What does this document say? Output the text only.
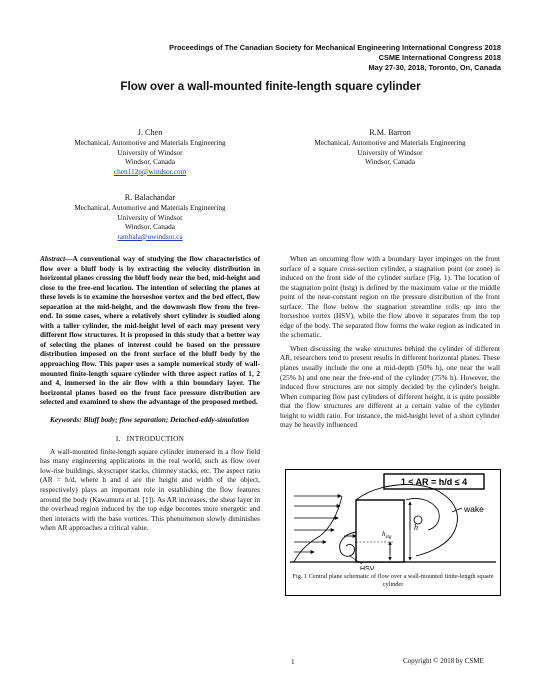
Proceedings of The Canadian Society for Mechanical Engineering International Congress 2018
CSME International Congress 2018
May 27-30, 2018, Toronto, On, Canada
Flow over a wall-mounted finite-length square cylinder
J. Chen
Mechanical, Automotive and Materials Engineering
University of Windsor
Windsor, Canada
chen112p@windsor.com
R.M. Barron
Mechanical, Automotive and Materials Engineering
University of Windsor
Windsor, Canada
R. Balachandar
Mechanical, Automotive and Materials Engineering
University of Windsor
Windsor, Canada
rambala@uwindsor.ca

Abstract—A conventional way of studying the flow characteristics of flow over a bluff body is by extracting the velocity distribution in horizontal planes crossing the bluff body near the bed, mid-height and close to the free-end location. The intention of selecting the planes at these levels is to examine the horseshoe vortex and the bed effect, flow separation at the mid-height, and the downwash flow from the free-end. In some cases, where a relatively short cylinder is studied along with a taller cylinder, the mid-height level of each may present very different flow structures. It is proposed in this study that a better way of selecting the planes of interest could be based on the pressure distribution imposed on the front surface of the bluff body by the approaching flow. This paper uses a sample numerical study of wall-mounted finite-length square cylinder with three aspect ratios of 1, 2 and 4, immersed in the air flow with a thin boundary layer. The horizontal planes based on the front face pressure distribution are selected and examined to show the advantage of the proposed method.

Keywords: Bluff body; flow separation; Detached-eddy-simulation

I. INTRODUCTION

A wall-mounted finite-length square cylinder immersed in a flow field has many engineering applications in the real world, such as flow over low-rise buildings, skyscraper stacks, chimney stacks, etc. The aspect ratio (AR = h/d, where h and d are the height and width of the object, respectively) plays an important role in establishing the flow features around the body (Kawamura et al. [1]). As AR increases, the shear layer in the overhead region induced by the top edge becomes more energetic and then interacts with the base vortices. This phenomenon slowly diminishes when AR approaches a critical value.

When an oncoming flow with a boundary layer impinges on the front surface of a square cross-section cylinder, a stagnation point (or zone) is induced on the front side of the cylinder surface (Fig. 1). The location of the stagnation point (hstg) is defined by the maximum value or the middle point of the near-constant region on the pressure distribution of the front surface. The flow below the stagnation streamline rolls up into the horseshoe vortex (HSV), while the flow above it separates from the top edge of the body. The separated flow forms the wake region as indicated in the schematic.

When discussing the wake structures behind the cylinder of different AR, researchers tend to present results in different horizontal planes. These planes usually include the one at mid-depth (50% h), one near the wall (25% h) and one near the free-end of the cylinder (75% h). However, the induced flow structures are not simply decided by the cylinder's height. When comparing flow past cylinders of different height, it is quite possible that the flow structures are different at a certain value of the cylinder height to width ratio. For instance, the mid-height level of a short cylinder may be heavily influenced

1 ≤ AR = h/d ≤ 4
wake
h
$h_{stg}$
HSV
Fig. 1 Central plane schematic of flow over a wall-mounted finite-length square cylinder
1	Copyright © 2018 by CSME
